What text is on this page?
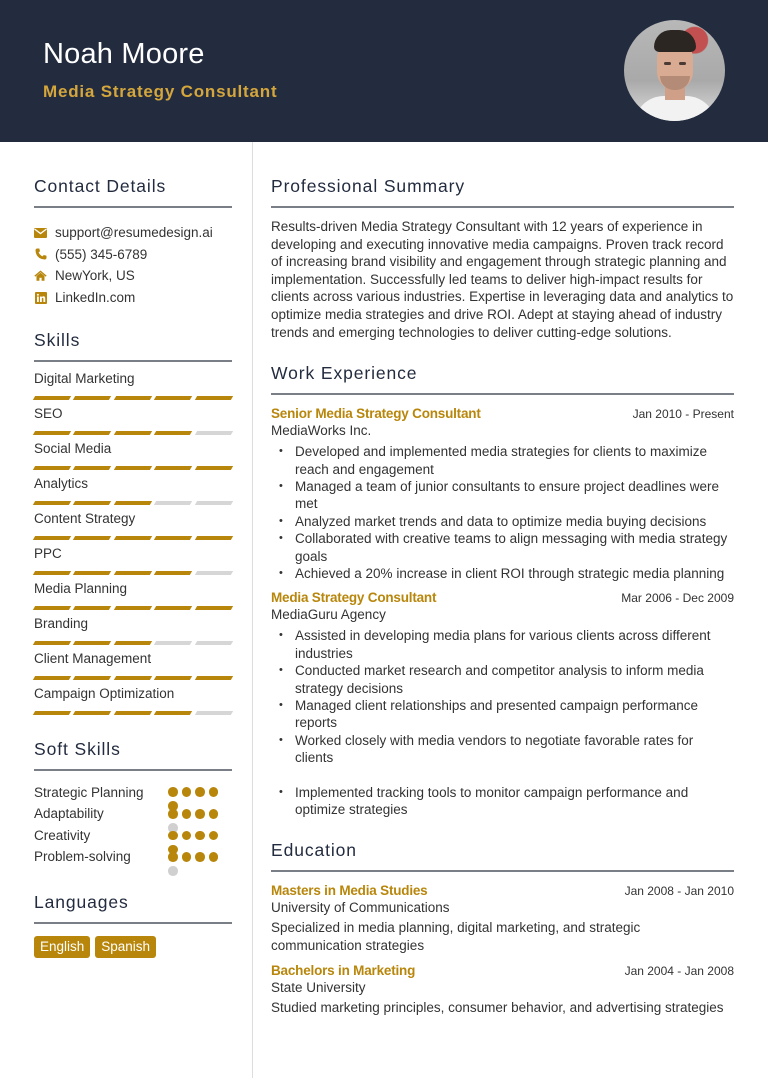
Noah Moore
Media Strategy Consultant
Contact Details
support@resumedesign.ai
(555) 345-6789
NewYork, US
LinkedIn.com
Skills
Digital Marketing
SEO
Social Media
Analytics
Content Strategy
PPC
Media Planning
Branding
Client Management
Campaign Optimization
Soft Skills
Strategic Planning
Adaptability
Creativity
Problem-solving
Languages
English	Spanish
Professional Summary
Results-driven Media Strategy Consultant with 12 years of experience in developing and executing innovative media campaigns. Proven track record of increasing brand visibility and engagement through strategic planning and implementation. Successfully led teams to deliver high-impact results for clients across various industries. Expertise in leveraging data and analytics to optimize media strategies and drive ROI. Adept at staying ahead of industry trends and emerging technologies to deliver cutting-edge solutions.
Work Experience
Senior Media Strategy Consultant	Jan 2010 - Present
MediaWorks Inc.
• Developed and implemented media strategies for clients to maximize reach and engagement
• Managed a team of junior consultants to ensure project deadlines were met
• Analyzed market trends and data to optimize media buying decisions
• Collaborated with creative teams to align messaging with media strategy goals
• Achieved a 20% increase in client ROI through strategic media planning
Media Strategy Consultant	Mar 2006 - Dec 2009
MediaGuru Agency
• Assisted in developing media plans for various clients across different industries
• Conducted market research and competitor analysis to inform media strategy decisions
• Managed client relationships and presented campaign performance reports
• Worked closely with media vendors to negotiate favorable rates for clients
• Implemented tracking tools to monitor campaign performance and optimize strategies
Education
Masters in Media Studies	Jan 2008 - Jan 2010
University of Communications
Specialized in media planning, digital marketing, and strategic communication strategies
Bachelors in Marketing	Jan 2004 - Jan 2008
State University
Studied marketing principles, consumer behavior, and advertising strategies
